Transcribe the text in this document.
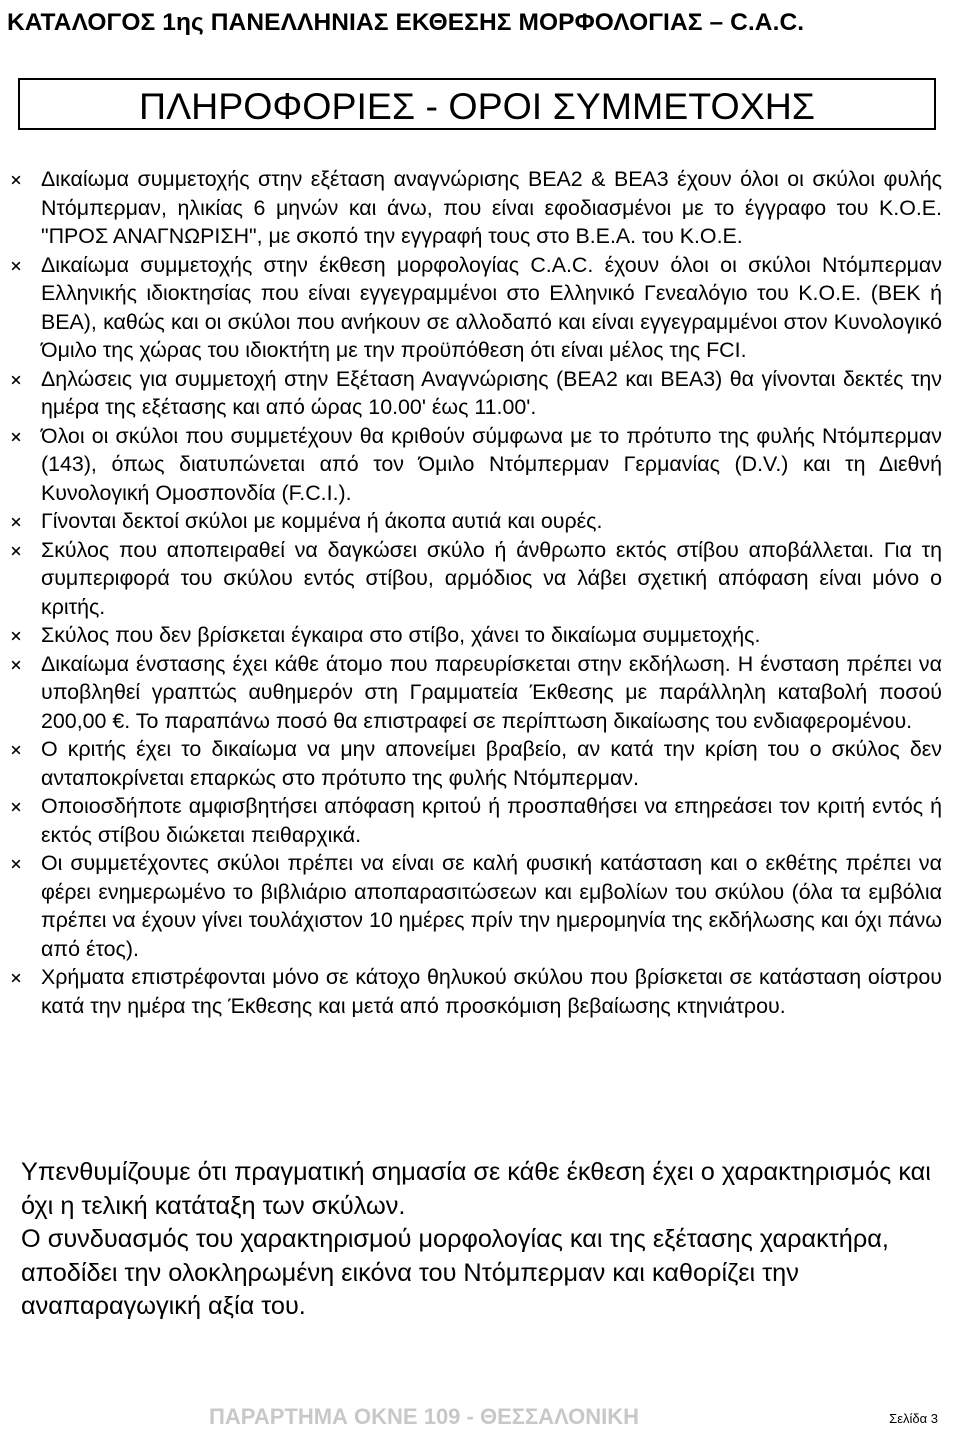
ΚΑΤΑΛΟΓΟΣ 1ης ΠΑΝΕΛΛΗΝΙΑΣ ΕΚΘΕΣΗΣ ΜΟΡΦΟΛΟΓΙΑΣ – C.A.C.
ΠΛΗΡΟΦΟΡΙΕΣ - ΟΡΟΙ ΣΥΜΜΕΤΟΧΗΣ
Δικαίωμα συμμετοχής στην εξέταση αναγνώρισης BEA2 & BEA3 έχουν όλοι οι σκύλοι φυλής Ντόμπερμαν, ηλικίας 6 μηνών και άνω, που είναι εφοδιασμένοι με το έγγραφο του Κ.Ο.Ε. "ΠΡΟΣ ΑΝΑΓΝΩΡΙΣΗ", με σκοπό την εγγραφή τους στο Β.Ε.Α. του Κ.Ο.Ε.
Δικαίωμα συμμετοχής στην έκθεση μορφολογίας C.A.C. έχουν όλοι οι σκύλοι Ντόμπερμαν Ελληνικής ιδιοκτησίας που είναι εγγεγραμμένοι στο Ελληνικό Γενεαλόγιο του Κ.Ο.Ε. (ΒΕΚ ή ΒΕΑ), καθώς και οι σκύλοι που ανήκουν σε αλλοδαπό και είναι εγγεγραμμένοι στον Κυνολογικό Όμιλο της χώρας του ιδιοκτήτη με την προϋπόθεση ότι είναι μέλος της FCI.
Δηλώσεις για συμμετοχή στην Εξέταση Αναγνώρισης (ΒΕΑ2 και ΒΕΑ3) θα γίνονται δεκτές την ημέρα της εξέτασης και από ώρας 10.00' έως 11.00'.
Όλοι οι σκύλοι που συμμετέχουν θα κριθούν σύμφωνα με το πρότυπο της φυλής Ντόμπερμαν (143), όπως διατυπώνεται από τον Όμιλο Ντόμπερμαν Γερμανίας (D.V.) και τη Διεθνή Κυνολογική Ομοσπονδία (F.C.I.).
Γίνονται δεκτοί σκύλοι με κομμένα ή άκοπα αυτιά και ουρές.
Σκύλος που αποπειραθεί να δαγκώσει σκύλο ή άνθρωπο εκτός στίβου αποβάλλεται. Για τη συμπεριφορά του σκύλου εντός στίβου, αρμόδιος να λάβει σχετική απόφαση είναι μόνο ο κριτής.
Σκύλος που δεν βρίσκεται έγκαιρα στο στίβο, χάνει το δικαίωμα συμμετοχής.
Δικαίωμα ένστασης έχει κάθε άτομο που παρευρίσκεται στην εκδήλωση. Η ένσταση πρέπει να υποβληθεί γραπτώς αυθημερόν στη Γραμματεία Έκθεσης με παράλληλη καταβολή ποσού 200,00 €. Το παραπάνω ποσό θα επιστραφεί σε περίπτωση δικαίωσης του ενδιαφερομένου.
Ο κριτής έχει το δικαίωμα να μην απονείμει βραβείο, αν κατά την κρίση του ο σκύλος δεν ανταποκρίνεται επαρκώς στο πρότυπο της φυλής Ντόμπερμαν.
Οποιοσδήποτε αμφισβητήσει απόφαση κριτού ή προσπαθήσει να επηρεάσει τον κριτή εντός ή εκτός στίβου διώκεται πειθαρχικά.
Οι συμμετέχοντες σκύλοι πρέπει να είναι σε καλή φυσική κατάσταση και ο εκθέτης πρέπει να φέρει ενημερωμένο το βιβλιάριο αποπαρασιτώσεων και εμβολίων του σκύλου (όλα τα εμβόλια πρέπει να έχουν γίνει τουλάχιστον 10 ημέρες πρίν την ημερομηνία της εκδήλωσης και όχι πάνω από έτος).
Χρήματα επιστρέφονται μόνο σε κάτοχο θηλυκού σκύλου που βρίσκεται σε κατάσταση οίστρου κατά την ημέρα της Έκθεσης και μετά από προσκόμιση βεβαίωσης κτηνιάτρου.

Υπενθυμίζουμε ότι πραγματική σημασία σε κάθε έκθεση έχει ο χαρακτηρισμός και όχι η τελική κατάταξη των σκύλων.

Ο συνδυασμός του χαρακτηρισμού μορφολογίας και της εξέτασης χαρακτήρα, αποδίδει την ολοκληρωμένη εικόνα του Ντόμπερμαν και καθορίζει την αναπαραγωγική αξία του.

ΠΑΡΑΡΤΗΜΑ ΟΚΝΕ 109 - ΘΕΣΣΑΛΟΝΙΚΗ	Σελίδα 3
